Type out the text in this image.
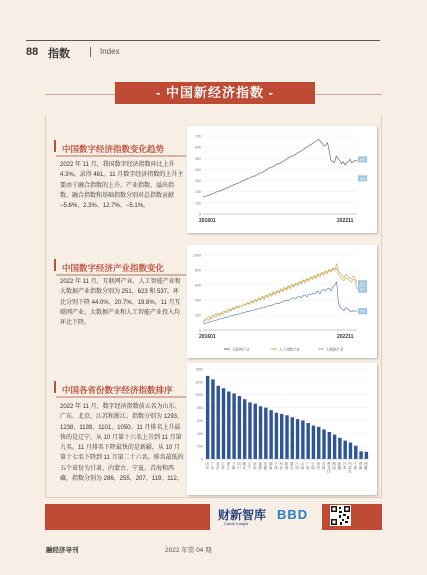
88 指数	Index
- 中国新经济指数 -
中国数字经济指数变化趋势
2022 年 11 月，我国数字经济指数环比上升 4.3%。录得 481。11 月数字经济指数的上升主要由于融合指数的上升，产业指数、溢出指数、融合指数和基础指数分别对总指数贡献 −5.6%、2.3%、12.7%、−5.1%。
中国数字经济产业指数变化
2022 年 11 月，互联网产业、人工智能产业和大数据产业指数分别为 251、623 和 537。环比分别下降 44.0%、20.7%、19.8%。11 月互联网产业、大数据产业和人工智能产业投入均环比下降。
中国各省份数字经济指数排序
2022 年 11 月，数字经济指数前五名为山东、广东、北京、江苏和浙江。指数分别为 1293、1238、1139、1101、1050。11 月排名上升最快的是辽宁，从 10 月第十六名上升到 11 月第九名。11 月排名下降最快的是新疆，从 10 月第十七名下降到 11 月第二十六名。排名最低的五个省份为甘肃、内蒙古、宁夏、青海和西藏，指数分别为 286、255、207、119、112。
700
600
500
400
300
200
100
0
201601	202211
490
320
1000
800
600
400
200
0
201601	202211
623
537
251
互联网产业	人工智能产业	大数据产业
1400
1200
1000
800
600
400
200
0
山东 广东 北京 江苏 浙江 上海 四川 湖北 辽宁 河南 福建 安徽 湖南 天津 河北 陕西 重庆 江西 山西 广西 云南 贵州 吉林 黑龙江 海南 新疆 甘肃 内蒙古 宁夏 青海 西藏
财新智库
Caixin Insight
BBD
融经济导刊	2022 年第 04 期
